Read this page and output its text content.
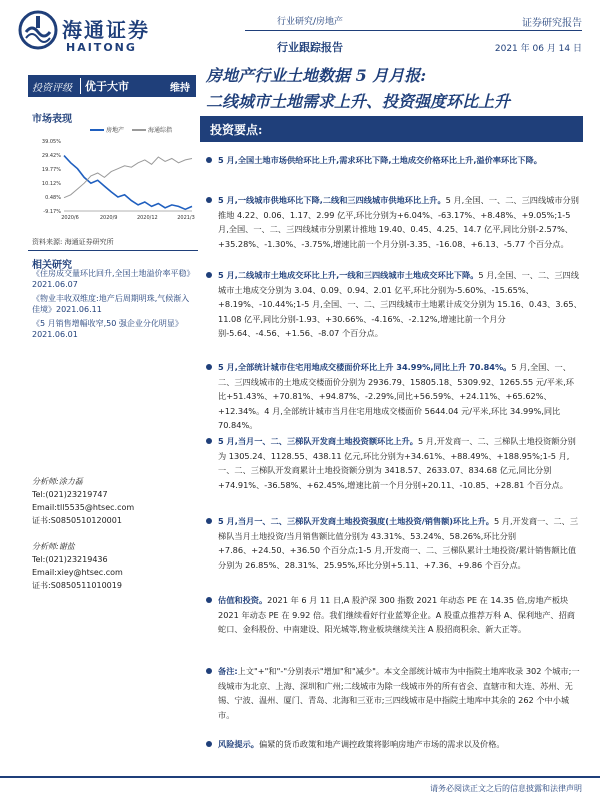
海通证券
HAITONG
行业研究/房地产
行业跟踪报告
证券研究报告
2021 年 06 月 14 日
投资评级	优于大市	维持
房地产行业土地数据 5 月月报:
二线城市土地需求上升、投资强度环比上升
市场表现
房地产	海通综指
39.05%
29.42%
19.77%
10.12%
0.48%
-9.17%
2020/6	2020/9	2020/12	2021/3
资料来源: 海通证券研究所
相关研究
《住房成交量环比回升,全国土地溢价率平稳》2021.06.07
《物业丰收双维度:地产后周期明珠,气候渐入佳境》2021.06.11
《5 月销售增幅收窄,50 强企业分化明显》2021.06.01
分析师:涂力磊
Tel:(021)23219747
Email:tll5535@htsec.com
证书:S0850510120001
分析师:谢盐
Tel:(021)23219436
Email:xiey@htsec.com
证书:S0850511010019
投资要点:
5 月,全国土地市场供给环比上升,需求环比下降,土地成交价格环比上升,溢价率环比下降。
5 月,一线城市供地环比下降,二线和三四线城市供地环比上升。5 月,全国、一、二、三四线城市分别推地 4.22、0.06、1.17、2.99 亿平,环比分别为+6.04%、-63.17%、+8.48%、+9.05%;1-5 月,全国、一、二、三四线城市分别累计推地 19.40、0.45、4.25、14.7 亿平,同比分别-2.57%、+35.28%、-1.30%、-3.75%,增速比前一个月分别-3.35、-16.08、+6.13、-5.77 个百分点。
5 月,二线城市土地成交环比上升,一线和三四线城市土地成交环比下降。5 月,全国、一、二、三四线城市土地成交分别为 3.04、0.09、0.94、2.01 亿平,环比分别为-5.60%、-15.65%、+8.19%、-10.44%;1-5 月,全国、一、二、三四线城市土地累计成交分别为 15.16、0.43、3.65、11.08 亿平,同比分别-1.93、+30.66%、-4.16%、-2.12%,增速比前一个月分别-5.64、-4.56、+1.56、-8.07 个百分点。
5 月,全部统计城市住宅用地成交楼面价环比上升 34.99%,同比上升 70.84%。5 月,全国、一、二、三四线城市的土地成交楼面价分别为 2936.79、15805.18、5309.92、1265.55 元/平米,环比+51.43%、+70.81%、+94.87%、-2.29%,同比+56.59%、+24.11%、+65.62%、+12.34%。4 月,全部统计城市当月住宅用地成交楼面价 5644.04 元/平米,环比 34.99%,同比 70.84%。
5 月,当月一、二、三梯队开发商土地投资额环比上升。5 月,开发商一、二、三梯队土地投资额分别为 1305.24、1128.55、438.11 亿元,环比分别为+34.61%、+88.49%、+188.95%;1-5 月,一、二、三梯队开发商累计土地投资额分别为 3418.57、2633.07、834.68 亿元,同比分别+74.91%、-36.58%、+62.45%,增速比前一个月分别+20.11、-10.85、+28.81 个百分点。
5 月,当月一、二、三梯队开发商土地投资强度(土地投资/销售额)环比上升。5 月,开发商一、二、三梯队当月土地投资/当月销售额比值分别为 43.31%、53.24%、58.26%,环比分别+7.86、+24.50、+36.50 个百分点;1-5 月,开发商一、二、三梯队累计土地投资/累计销售额比值分别为 26.85%、28.31%、25.95%,环比分别+5.11、+7.36、+9.86 个百分点。
估值和投资。2021 年 6 月 11 日,A 股沪深 300 指数 2021 年动态 PE 在 14.35 倍,房地产板块 2021 年动态 PE 在 9.92 倍。我们继续看好行业蓝筹企业。A 股重点推荐万科 A、保利地产、招商蛇口、金科股份、中南建设、阳光城等,物业板块继续关注 A 股招商积余、新大正等。
备注:上文"+"和"-"分别表示"增加"和"减少"。本文全部统计城市为中指院土地库收录 302 个城市;一线城市为北京、上海、深圳和广州;二线城市为除一线城市外的所有省会、直辖市和大连、苏州、无锡、宁波、温州、厦门、青岛、北海和三亚市;三四线城市是中指院土地库中其余的 262 个中小城市。
风险提示。偏紧的货币政策和地产调控政策将影响房地产市场的需求以及价格。
请务必阅读正文之后的信息披露和法律声明
